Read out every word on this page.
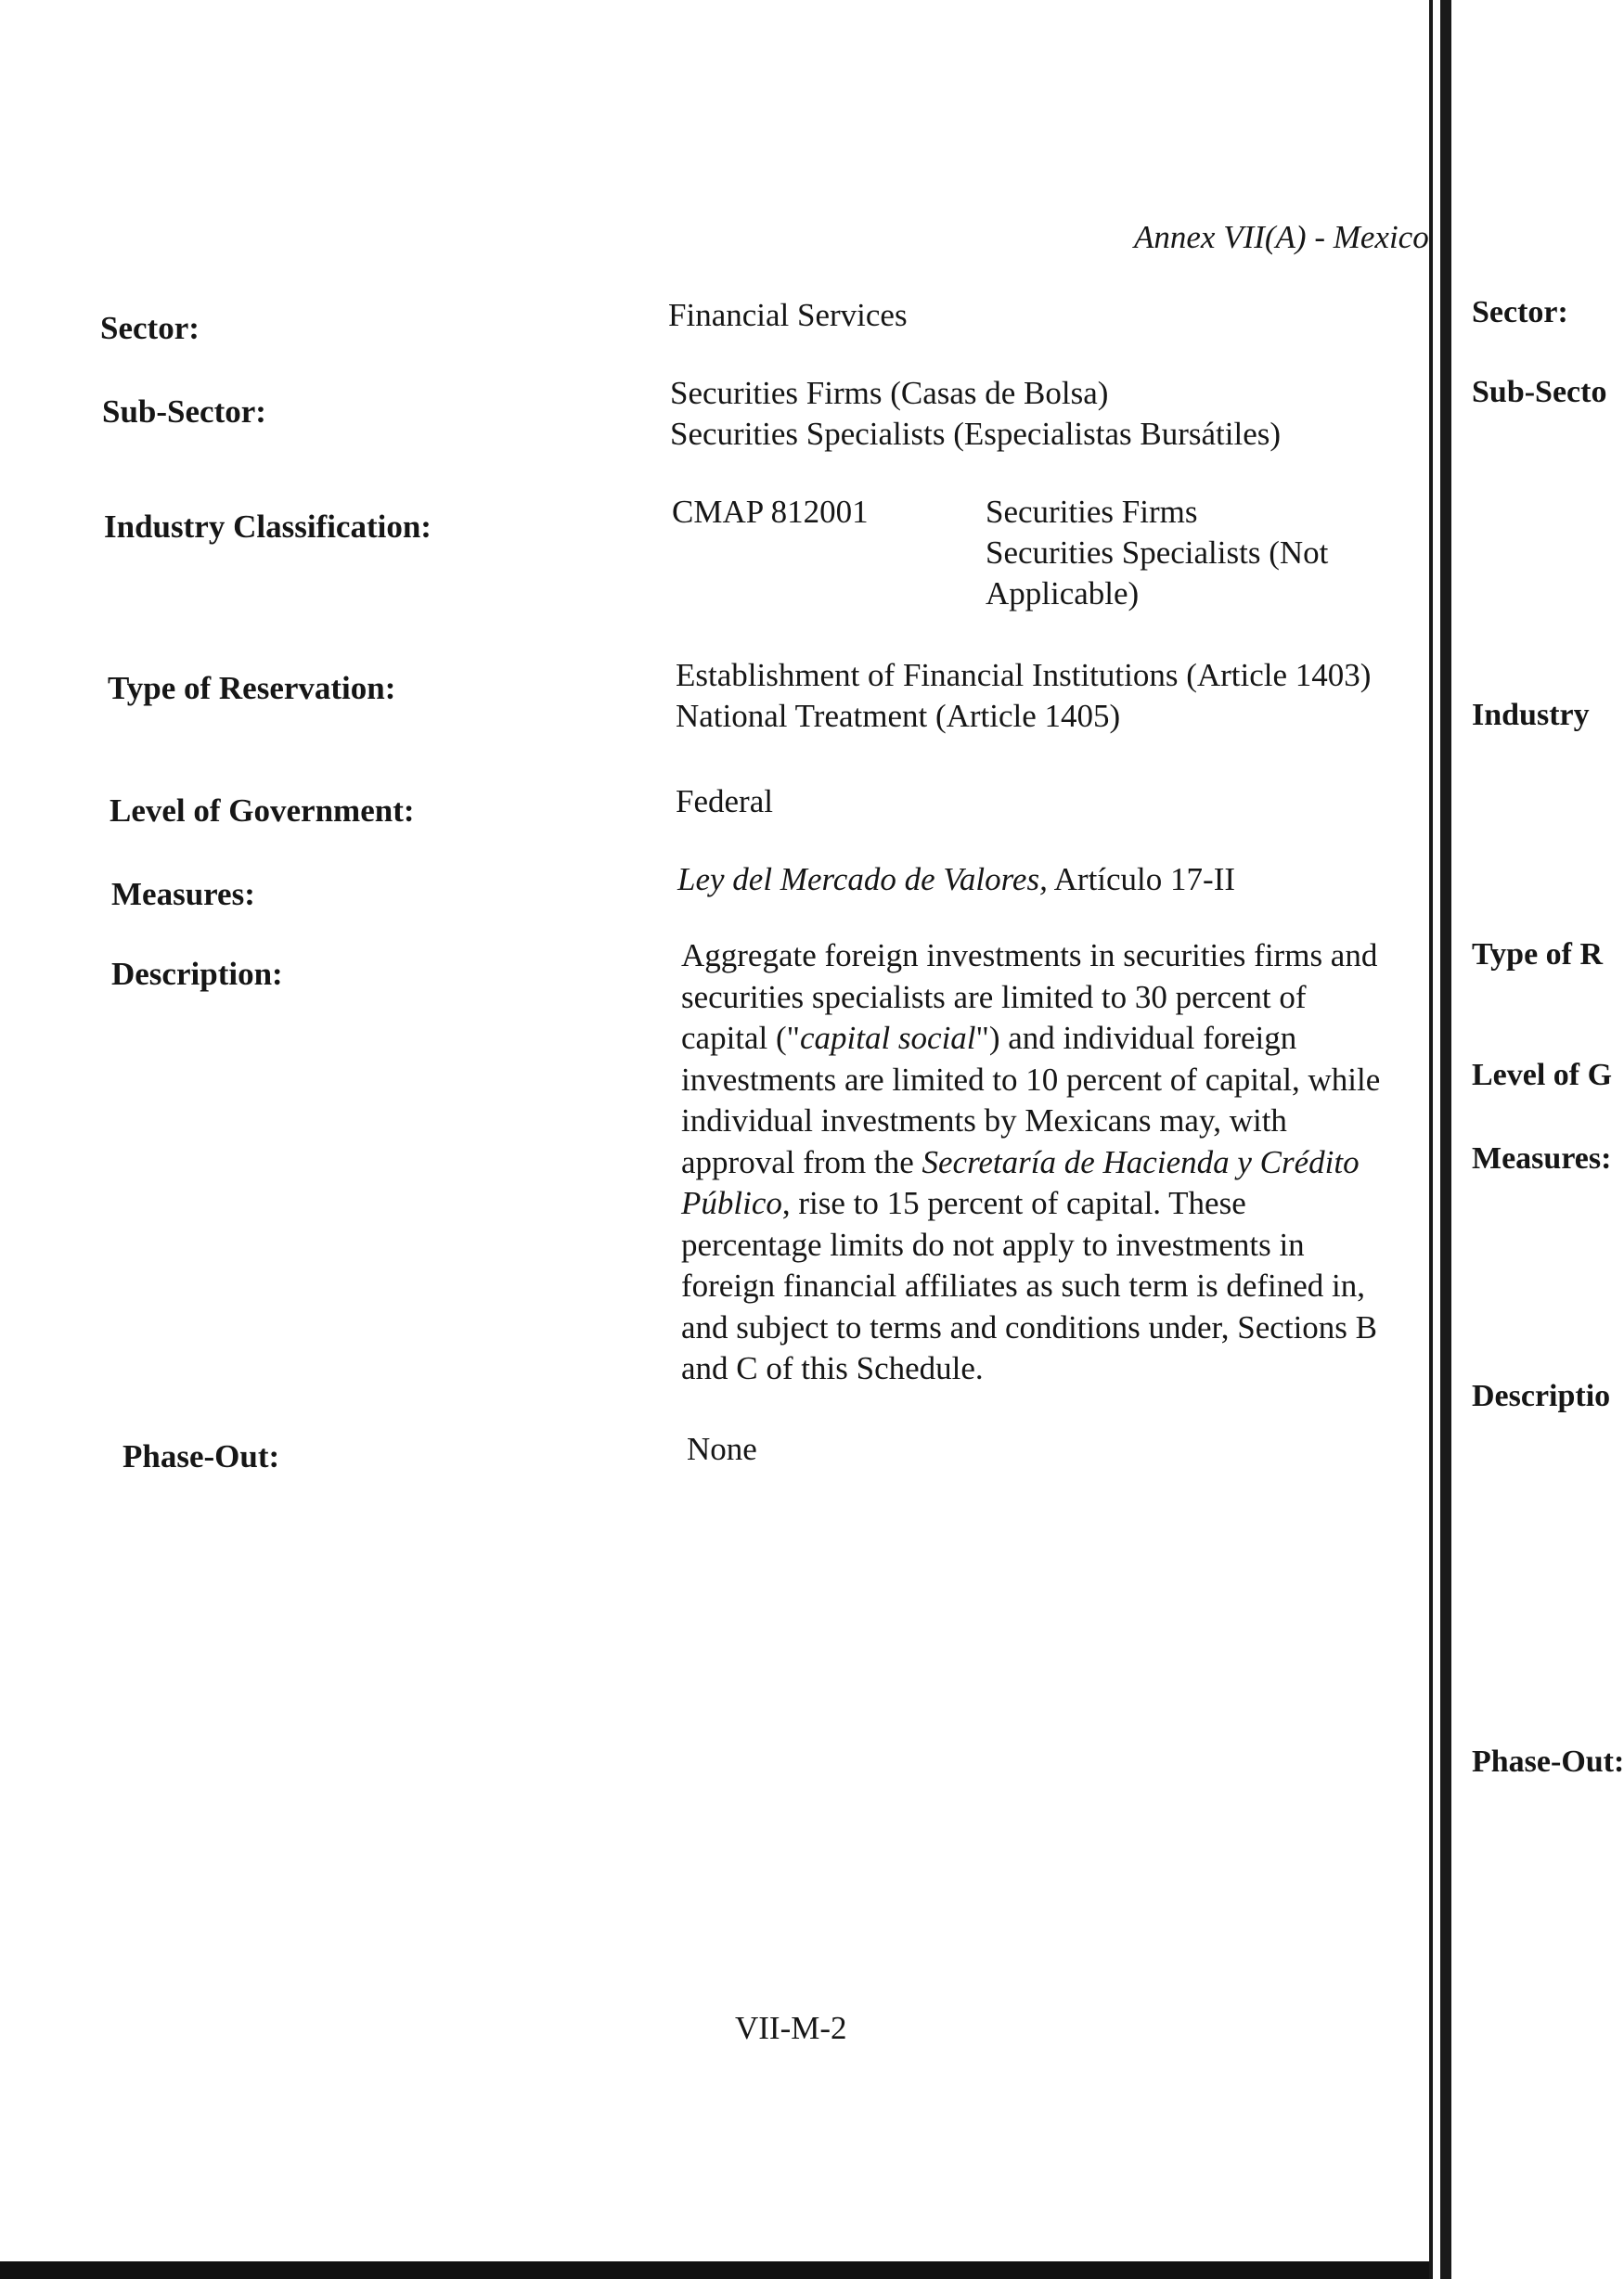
Annex VII(A) - Mexico
Sector:	Financial Services
Sub-Sector:
Securities Firms (Casas de Bolsa)
Securities Specialists (Especialistas Bursátiles)
Industry Classification:	CMAP 812001	Securities Firms
Securities Specialists (Not
Applicable)
Type of Reservation:	Establishment of Financial Institutions (Article 1403)
National Treatment (Article 1405)
Level of Government:	Federal
Measures:	Ley del Mercado de Valores, Artículo 17-II
Description:
Aggregate foreign investments in securities firms and
securities specialists are limited to 30 percent of
capital ("capital social") and individual foreign
investments are limited to 10 percent of capital, while
individual investments by Mexicans may, with
approval from the Secretaría de Hacienda y Crédito
Público, rise to 15 percent of capital. These
percentage limits do not apply to investments in
foreign financial affiliates as such term is defined in,
and subject to terms and conditions under, Sections B
and C of this Schedule.
Phase-Out:	None
VII-M-2
Sector:
Sub-Secto
Industry
Type of R
Level of G
Measures:
Descriptio
Phase-Out:
